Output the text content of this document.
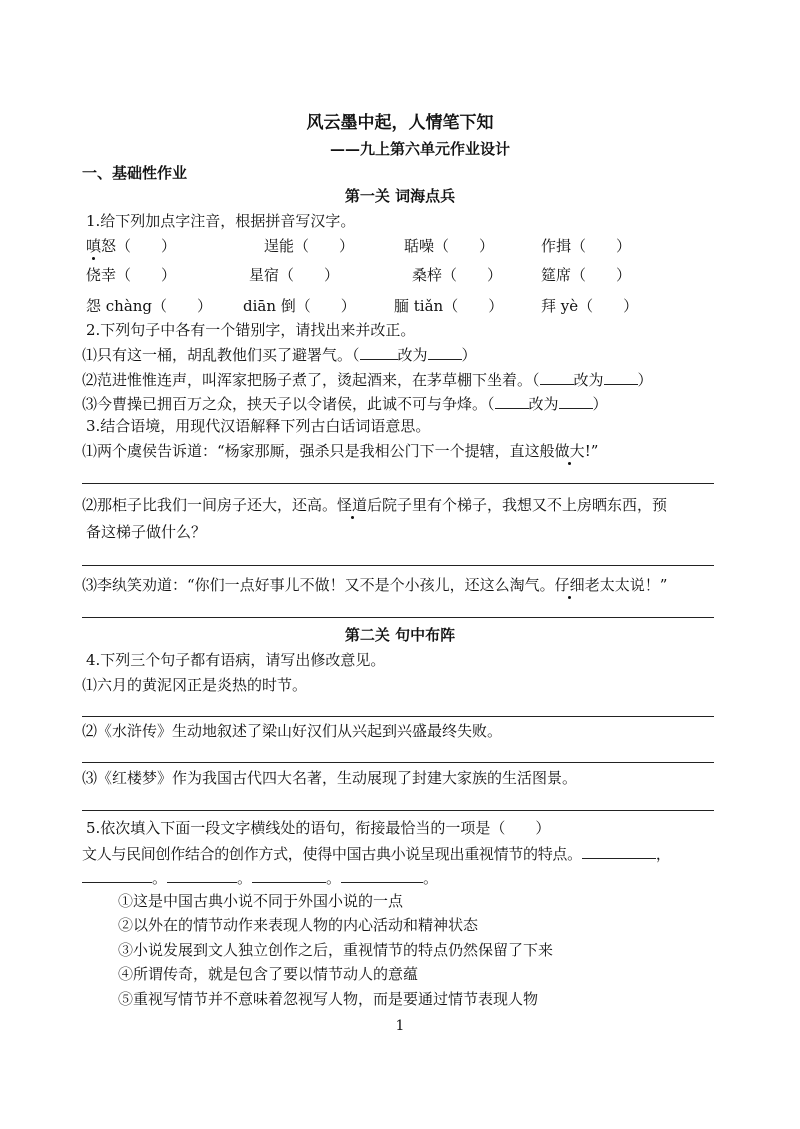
风云墨中起，人情笔下知
——九上第六单元作业设计
一、基础性作业
第一关 词海点兵
1.给下列加点字注音，根据拼音写汉字。
嗔怒（　　）	逞能（　　）	聒噪（　　）	作揖（　　）
侥幸（　　）	星宿（　　）	桑梓（　　）	筵席（　　）
怨 chàng（　　） diān 倒（　　）	腼 tiǎn（　　）	拜 yè（　　）
2.下列句子中各有一个错别字，请找出来并改正。
⑴只有这一桶，胡乱教他们买了避署气。（	改为 ）
⑵范进惟惟连声，叫浑家把肠子煮了，烫起酒来，在茅草棚下坐着。（ 改为 ）
⑶今曹操已拥百万之众，挟天子以令诸侯，此诚不可与争烽。（ 改为 ）
3.结合语境，用现代汉语解释下列古白话词语意思。
⑴两个虞侯告诉道：“杨家那厮，强杀只是我相公门下一个提辖，直这般做大!”
⑵那柜子比我们一间房子还大，还高。怪道后院子里有个梯子，我想又不上房晒东西，预
备这梯子做什么？
⑶李纨笑劝道：“你们一点好事儿不做！又不是个小孩儿，还这么淘气。仔细老太太说！”
第二关 句中布阵
4.下列三个句子都有语病，请写出修改意见。
⑴六月的黄泥冈正是炎热的时节。
⑵《水浒传》生动地叙述了梁山好汉们从兴起到兴盛最终失败。
⑶《红楼梦》作为我国古代四大名著，生动展现了封建大家族的生活图景。
5.依次填入下面一段文字横线处的语句，衔接最恰当的一项是（　　）
文人与民间创作结合的创作方式，使得中国古典小说呈现出重视情节的特点。	，
。	。	。	。
①这是中国古典小说不同于外国小说的一点
②以外在的情节动作来表现人物的内心活动和精神状态
③小说发展到文人独立创作之后，重视情节的特点仍然保留了下来
④所谓传奇，就是包含了要以情节动人的意蕴
⑤重视写情节并不意味着忽视写人物，而是要通过情节表现人物
1
